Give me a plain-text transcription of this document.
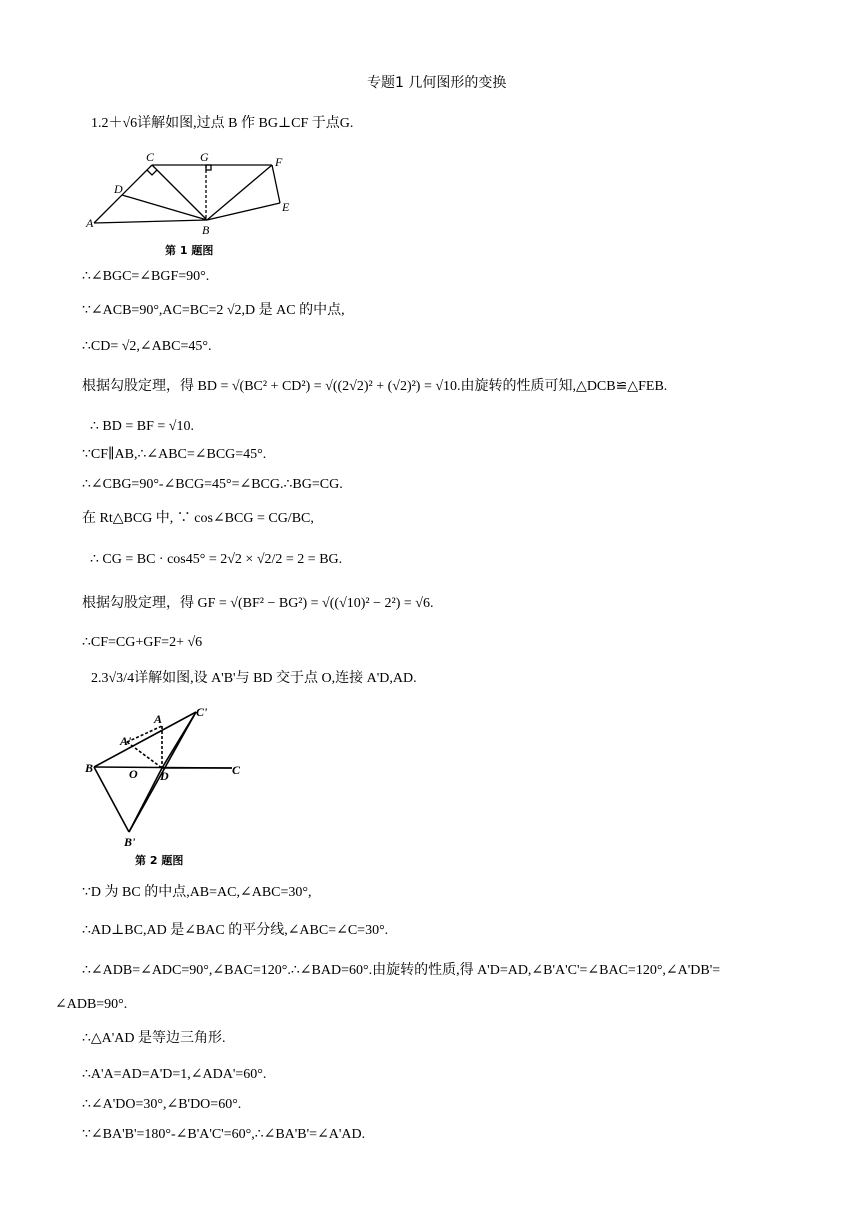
专题1 几何图形的变换
1.2＋√6详解如图,过点 B 作 BG⊥CF 于点G.
C	G	F
D
A	B
E
第 1 题图
∴∠BGC=∠BGF=90°.
∵∠ACB=90°,AC=BC=2 √2,D 是 AC 的中点,
∴CD= √2,∠ABC=45°.
根据勾股定理，得 BD = √(BC² + CD²) = √((2√2)² + (√2)²) = √10.由旋转的性质可知,△DCB≌△FEB.
∴ BD = BF = √10.
∵CF∥AB,∴∠ABC=∠BCG=45°.
∴∠CBG=90°-∠BCG=45°=∠BCG.∴BG=CG.
在 Rt△BCG 中, ∵ cos∠BCG = CG/BC,
∴ CG = BC · cos45° = 2√2 × √2/2 = 2 = BG.
根据勾股定理，得 GF = √(BF² − BG²) = √((√10)² − 2²) = √6.
∴CF=CG+GF=2+ √6
2.3√3/4详解如图,设 A'B'与 BD 交于点 O,连接 A'D,AD.
A	C'
A'
B	O D	C
B'
第 2 题图
∵D 为 BC 的中点,AB=AC,∠ABC=30°,
∴AD⊥BC,AD 是∠BAC 的平分线,∠ABC=∠C=30°.
∴∠ADB=∠ADC=90°,∠BAC=120°.∴∠BAD=60°.由旋转的性质,得 A'D=AD,∠B'A'C'=∠BAC=120°,∠A'DB'=
∠ADB=90°.
∴△A'AD 是等边三角形.
∴A'A=AD=A'D=1,∠ADA'=60°.
∴∠A'DO=30°,∠B'DO=60°.
∵∠BA'B'=180°-∠B'A'C'=60°,∴∠BA'B'=∠A'AD.
